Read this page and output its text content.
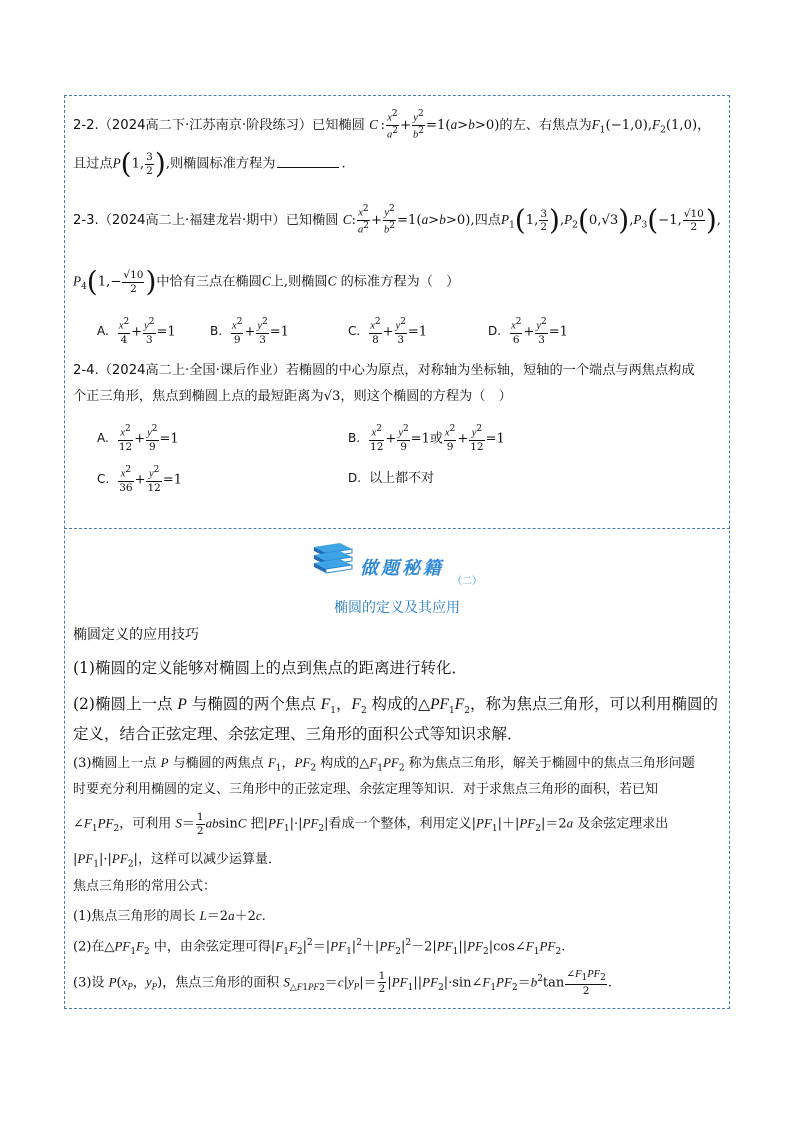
2-2.（2024高二下·江苏南京·阶段练习）已知椭圆 C : $\frac{x^2}{a^2} + \frac{y^2}{b^2} =1(a>b>0)$的左、右焦点为$F_1(-1,0),F_2(1,0)$，
且过点P(1, $\frac{3}{2}$ ),则椭圆标准方程为	.
2-3.（2024高二上·福建龙岩·期中）已知椭圆 C: $\frac{x^2}{a^2} + \frac{y^2}{b^2} =1(a>b>0)$,四点$P_1(1$, $\frac{3}{2} ),P_2(0,√3),P_3(-1$, $\frac{√10}{2}$ ),
$P_4(1,- \frac{√10}{2}$ )中恰有三点在椭圆C上,则椭圆C 的标准方程为（　）
A. $\frac{x^2}{4} + \frac{y^2}{3} =1$	B. $\frac{x^2}{9} + \frac{y^2}{3} =1$	C. $\frac{x^2}{8} + \frac{y^2}{3} =1$	D. $\frac{x^2}{6} + \frac{y^2}{3} =1$
2-4.（2024高二上·全国·课后作业）若椭圆的中心为原点，对称轴为坐标轴，短轴的一个端点与两焦点构成
个正三角形，焦点到椭圆上点的最短距离为√3，则这个椭圆的方程为（　）
A. $\frac{x^2}{12} + \frac{y^2}{9} =1$	B. $\frac{x^2}{12} + \frac{y^2}{9} =1$或 $\frac{x^2}{9} + \frac{y^2}{12} =1$
C. $\frac{x^2}{36} + \frac{y^2}{12} =1$	D. 以上都不对
做题秘籍
（二）
椭圆的定义及其应用
椭圆定义的应用技巧
(1)椭圆的定义能够对椭圆上的点到焦点的距离进行转化．
(2)椭圆上一点 P 与椭圆的两个焦点 $F_1$，$F_2$ 构成的$\triangle PF_1F_2$，称为焦点三角形，可以利用椭圆的
定义，结合正弦定理、余弦定理、三角形的面积公式等知识求解．
(3)椭圆上一点 P 与椭圆的两焦点 $F_1$，$PF_2$ 构成的$\triangle F_1PF_2$ 称为焦点三角形，解关于椭圆中的焦点三角形问题
时要充分利用椭圆的定义、三角形中的正弦定理、余弦定理等知识．对于求焦点三角形的面积，若已知
$\angle F_1PF_2$，可利用 $S= \frac{1}{2}$ absinC 把$|PF_1|\cdot|PF_2|$看成一个整体，利用定义$|PF_1|+|PF_2|=2a$ 及余弦定理求出
$|PF_1|\cdot|PF_2|$，这样可以减少运算量．
焦点三角形的常用公式：
(1)焦点三角形的周长 L＝2a＋2c.
(2)在$\triangle PF_1F_2$ 中，由余弦定理可得$|F_1F_2|^2=|PF_1|^2+|PF_2|^2-2|PF_1||PF_2|\cos\angle F_1PF_2$.
(3)设 $P(x_P$，$y_P$)，焦点三角形的面积 $S_{\triangle F1PF2}=c|y_P|= \frac{1}{2}$ $|PF_1||PF_2|\cdot\sin\angle F_1PF_2=b^2\tan \frac{\angle F_1PF_2}{2}$ .
